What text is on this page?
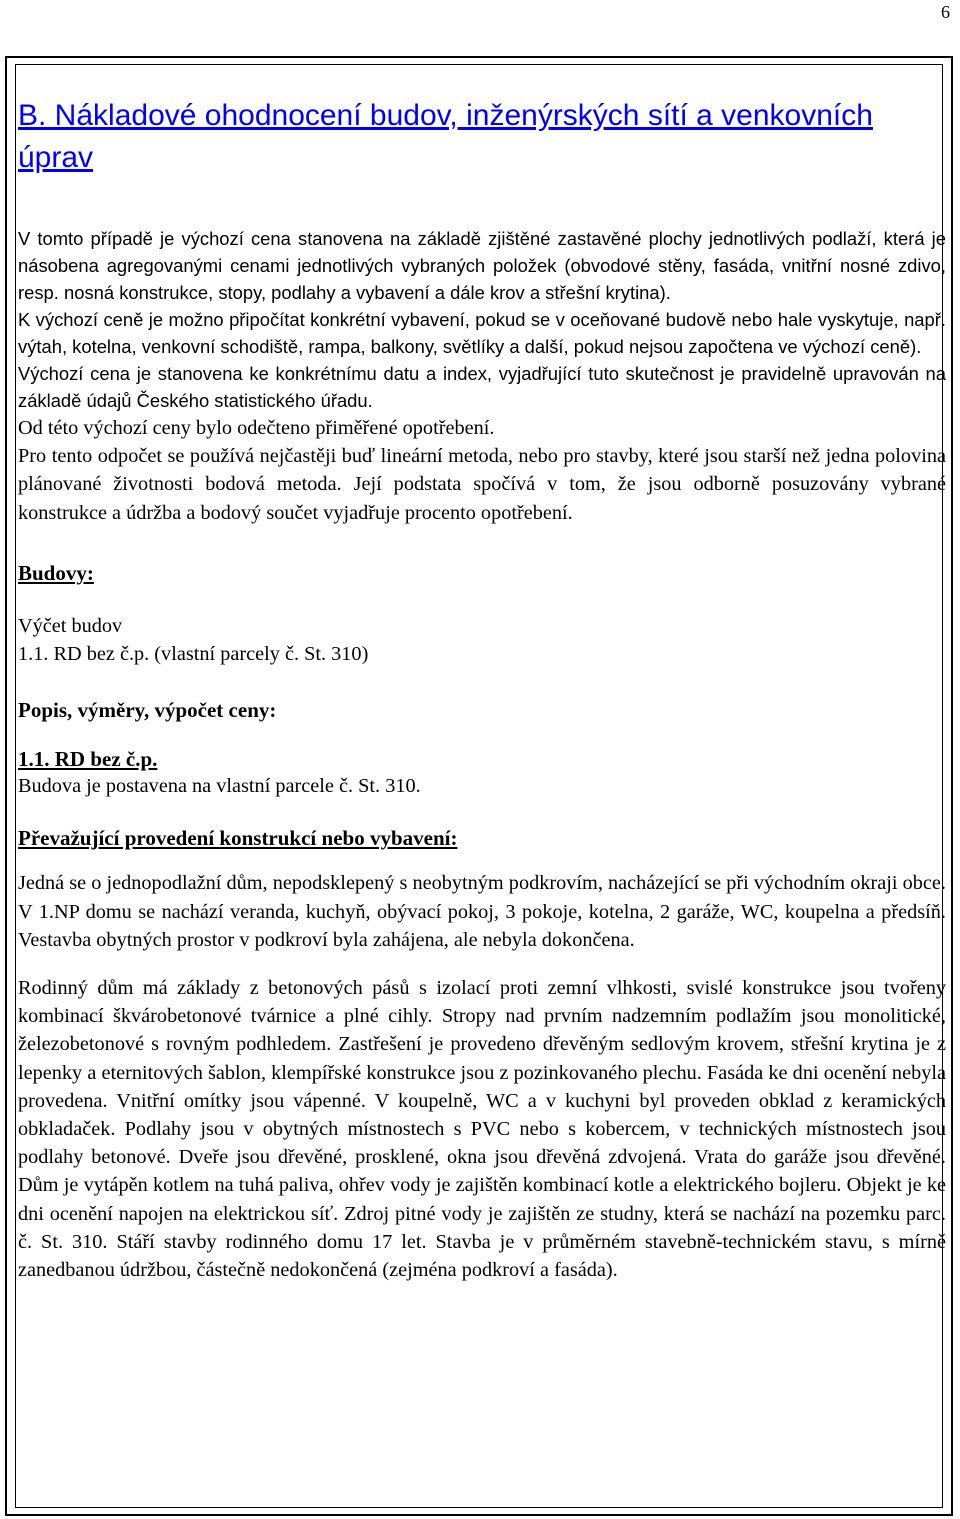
6
B. Nákladové ohodnocení budov, inženýrských sítí a venkovních úprav

V tomto případě je výchozí cena stanovena na základě zjištěné zastavěné plochy jednotlivých podlaží, která je násobena agregovanými cenami jednotlivých vybraných položek (obvodové stěny, fasáda, vnitřní nosné zdivo, resp. nosná konstrukce, stopy, podlahy a vybavení a dále krov a střešní krytina).

K výchozí ceně je možno připočítat konkrétní vybavení, pokud se v oceňované budově nebo hale vyskytuje, např. výtah, kotelna, venkovní schodiště, rampa, balkony, světlíky a další, pokud nejsou započtena ve výchozí ceně).

Výchozí cena je stanovena ke konkrétnímu datu a index, vyjadřující tuto skutečnost je pravidelně upravován na základě údajů Českého statistického úřadu.

Od této výchozí ceny bylo odečteno přiměřené opotřebení.

Pro tento odpočet se používá nejčastěji buď lineární metoda, nebo pro stavby, které jsou starší než jedna polovina plánované životnosti bodová metoda. Její podstata spočívá v tom, že jsou odborně posuzovány vybrané konstrukce a údržba a bodový součet vyjadřuje procento opotřebení.

Budovy:

Výčet budov
1.1. RD bez č.p. (vlastní parcely č. St. 310)

Popis, výměry, výpočet ceny:

1.1. RD bez č.p.

Budova je postavena na vlastní parcele č. St. 310.

Převažující provedení konstrukcí nebo vybavení:

Jedná se o jednopodlažní dům, nepodsklepený s neobytným podkrovím, nacházející se při východním okraji obce. V 1.NP domu se nachází veranda, kuchyň, obývací pokoj, 3 pokoje, kotelna, 2 garáže, WC, koupelna a předsíň. Vestavba obytných prostor v podkroví byla zahájena, ale nebyla dokončena.

Rodinný dům má základy z betonových pásů s izolací proti zemní vlhkosti, svislé konstrukce jsou tvořeny kombinací škvárobetonové tvárnice a plné cihly. Stropy nad prvním nadzemním podlažím jsou monolitické, železobetonové s rovným podhledem. Zastřešení je provedeno dřevěným sedlovým krovem, střešní krytina je z lepenky a eternitových šablon, klempířské konstrukce jsou z pozinkovaného plechu. Fasáda ke dni ocenění nebyla provedena. Vnitřní omítky jsou vápenné. V koupelně, WC a v kuchyni byl proveden obklad z keramických obkladaček. Podlahy jsou v obytných místnostech s PVC nebo s kobercem, v technických místnostech jsou podlahy betonové. Dveře jsou dřevěné, prosklené, okna jsou dřevěná zdvojená. Vrata do garáže jsou dřevěné. Dům je vytápěn kotlem na tuhá paliva, ohřev vody je zajištěn kombinací kotle a elektrického bojleru. Objekt je ke dni ocenění napojen na elektrickou síť. Zdroj pitné vody je zajištěn ze studny, která se nachází na pozemku parc. č. St. 310. Stáří stavby rodinného domu 17 let. Stavba je v průměrném stavebně-technickém stavu, s mírně zanedbanou údržbou, částečně nedokončená (zejména podkroví a fasáda).
